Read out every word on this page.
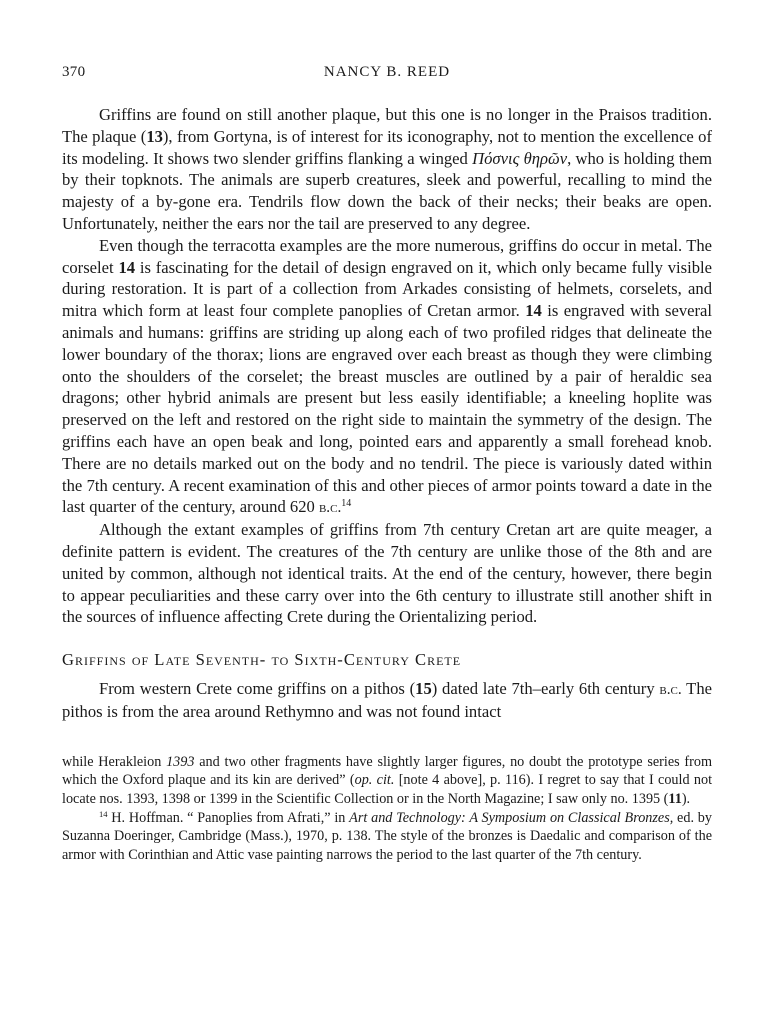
370	NANCY B. REED

Griffins are found on still another plaque, but this one is no longer in the Praisos tradition. The plaque (13), from Gortyna, is of interest for its iconography, not to mention the excellence of its modeling. It shows two slender griffins flanking a winged Πόσνις θηρῶν, who is holding them by their topknots. The animals are superb creatures, sleek and powerful, recalling to mind the majesty of a by-gone era. Tendrils flow down the back of their necks; their beaks are open. Unfortunately, neither the ears nor the tail are preserved to any degree.

Even though the terracotta examples are the more numerous, griffins do occur in metal. The corselet 14 is fascinating for the detail of design engraved on it, which only became fully visible during restoration. It is part of a collection from Arkades consisting of helmets, corselets, and mitra which form at least four complete panoplies of Cretan armor. 14 is engraved with several animals and humans: griffins are striding up along each of two profiled ridges that delineate the lower boundary of the thorax; lions are engraved over each breast as though they were climbing onto the shoulders of the corselet; the breast muscles are outlined by a pair of heraldic sea dragons; other hybrid animals are present but less easily identifiable; a kneeling hoplite was preserved on the left and restored on the right side to maintain the symmetry of the design. The griffins each have an open beak and long, pointed ears and apparently a small forehead knob. There are no details marked out on the body and no tendril. The piece is variously dated within the 7th century. A recent examination of this and other pieces of armor points toward a date in the last quarter of the century, around 620 b.c.$^{14}$

Although the extant examples of griffins from 7th century Cretan art are quite meager, a definite pattern is evident. The creatures of the 7th century are unlike those of the 8th and are united by common, although not identical traits. At the end of the century, however, there begin to appear peculiarities and these carry over into the 6th century to illustrate still another shift in the sources of influence affecting Crete during the Orientalizing period.

Griffins of Late Seventh- to Sixth-Century Crete

From western Crete come griffins on a pithos (15) dated late 7th–early 6th century b.c. The pithos is from the area around Rethymno and was not found intact

while Herakleion 1393 and two other fragments have slightly larger figures, no doubt the prototype series from which the Oxford plaque and its kin are derived” (op. cit. [note 4 above], p. 116). I regret to say that I could not locate nos. 1393, 1398 or 1399 in the Scientific Collection or in the North Magazine; I saw only no. 1395 (11).

$^{14}$ H. Hoffman. “ Panoplies from Afrati,” in Art and Technology: A Symposium on Classical Bronzes, ed. by Suzanna Doeringer, Cambridge (Mass.), 1970, p. 138. The style of the bronzes is Daedalic and comparison of the armor with Corinthian and Attic vase painting narrows the period to the last quarter of the 7th century.
